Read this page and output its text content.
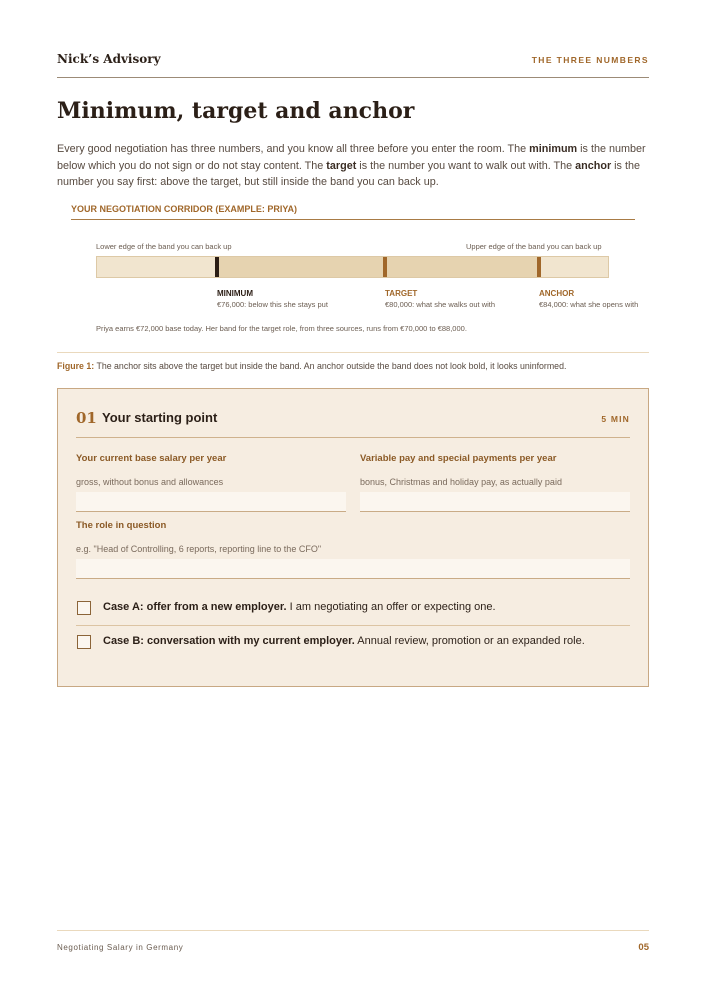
Nick’s Advisory	THE THREE NUMBERS
Minimum, target and anchor
Every good negotiation has three numbers, and you know all three before you enter the room. The minimum is the number below which you do not sign or do not stay content. The target is the number you want to walk out with. The anchor is the number you say first: above the target, but still inside the band you can back up.
YOUR NEGOTIATION CORRIDOR (EXAMPLE: PRIYA)
Lower edge of the band you can back up	Upper edge of the band you can back up
MINIMUM
€76,000: below this she stays put
TARGET
€80,000: what she walks out with
ANCHOR
€84,000: what she opens with
Priya earns €72,000 base today. Her band for the target role, from three sources, runs from €70,000 to €88,000.
Figure 1: The anchor sits above the target but inside the band. An anchor outside the band does not look bold, it looks uninformed.
01 Your starting point	5 MIN
Your current base salary per year
gross, without bonus and allowances
Variable pay and special payments per year
bonus, Christmas and holiday pay, as actually paid
The role in question
e.g. "Head of Controlling, 6 reports, reporting line to the CFO"
Case A: offer from a new employer. I am negotiating an offer or expecting one.
Case B: conversation with my current employer. Annual review, promotion or an expanded role.
Negotiating Salary in Germany	05
